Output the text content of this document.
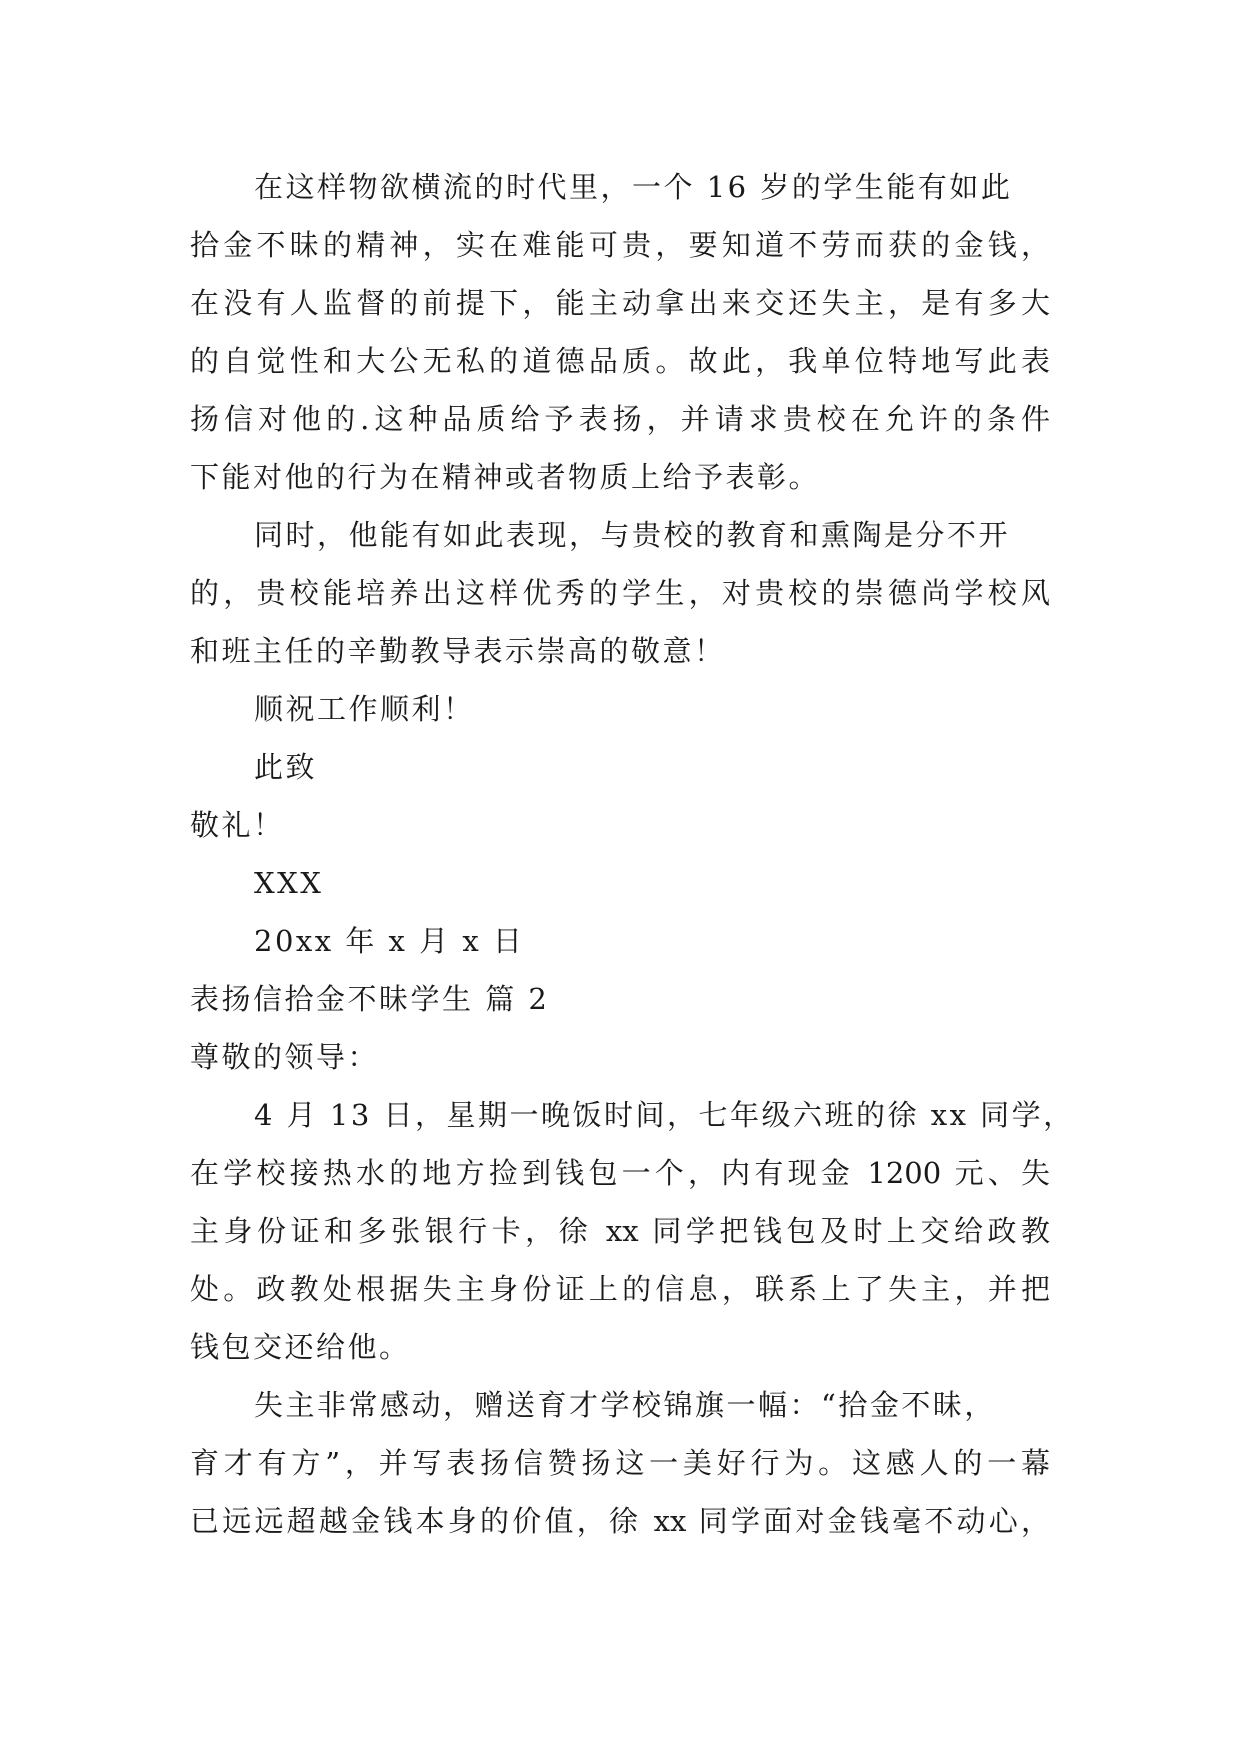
在这样物欲横流的时代里，一个 16 岁的学生能有如此
拾金不昧的精神，实在难能可贵，要知道不劳而获的金钱，
在没有人监督的前提下，能主动拿出来交还失主，是有多大
的自觉性和大公无私的道德品质。故此，我单位特地写此表
扬信对他的.这种品质给予表扬，并请求贵校在允许的条件
下能对他的行为在精神或者物质上给予表彰。
同时，他能有如此表现，与贵校的教育和熏陶是分不开
的，贵校能培养出这样优秀的学生，对贵校的崇德尚学校风
和班主任的辛勤教导表示崇高的敬意！
顺祝工作顺利！
此致
敬礼！
XXX
20xx 年 x 月 x 日
表扬信拾金不昧学生 篇 2
尊敬的领导：
4 月 13 日，星期一晚饭时间，七年级六班的徐 xx 同学，
在学校接热水的地方捡到钱包一个，内有现金 1200 元、失
主身份证和多张银行卡，徐 xx 同学把钱包及时上交给政教
处。政教处根据失主身份证上的信息，联系上了失主，并把
钱包交还给他。
失主非常感动，赠送育才学校锦旗一幅：“拾金不昧，
育才有方”，并写表扬信赞扬这一美好行为。这感人的一幕
已远远超越金钱本身的价值，徐 xx 同学面对金钱毫不动心，
